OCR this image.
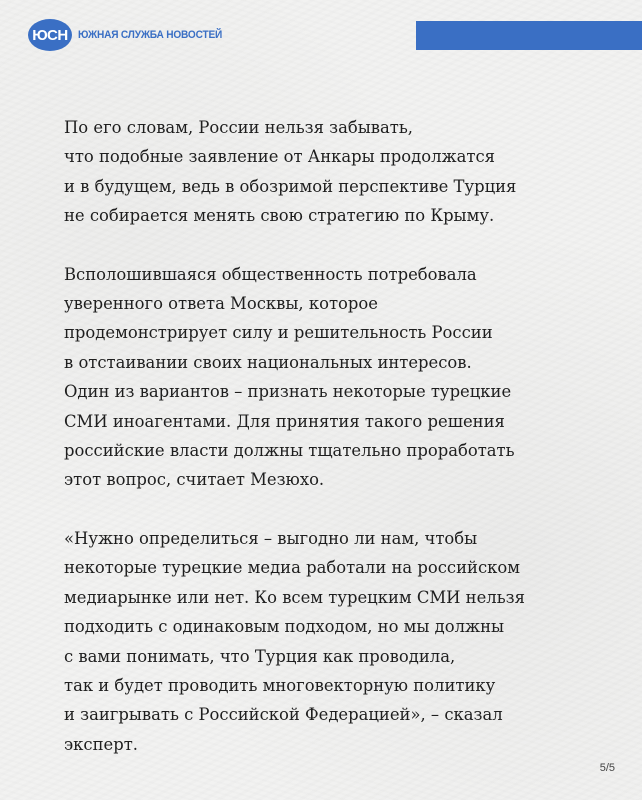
ЮСН ЮЖНАЯ СЛУЖБА НОВОСТЕЙ

По его словам, России нельзя забывать,
что подобные заявление от Анкары продолжатся
и в будущем, ведь в обозримой перспективе Турция
не собирается менять свою стратегию по Крыму.

Всполошившаяся общественность потребовала
уверенного ответа Москвы, которое
продемонстрирует силу и решительность России
в отстаивании своих национальных интересов.
Один из вариантов – признать некоторые турецкие
СМИ иноагентами. Для принятия такого решения
российские власти должны тщательно проработать
этот вопрос, считает Мезюхо.

«Нужно определиться – выгодно ли нам, чтобы
некоторые турецкие медиа работали на российском
медиарынке или нет. Ко всем турецким СМИ нельзя
подходить с одинаковым подходом, но мы должны
с вами понимать, что Турция как проводила,
так и будет проводить многовекторную политику
и заигрывать с Российской Федерацией», – сказал
эксперт.

5/5
